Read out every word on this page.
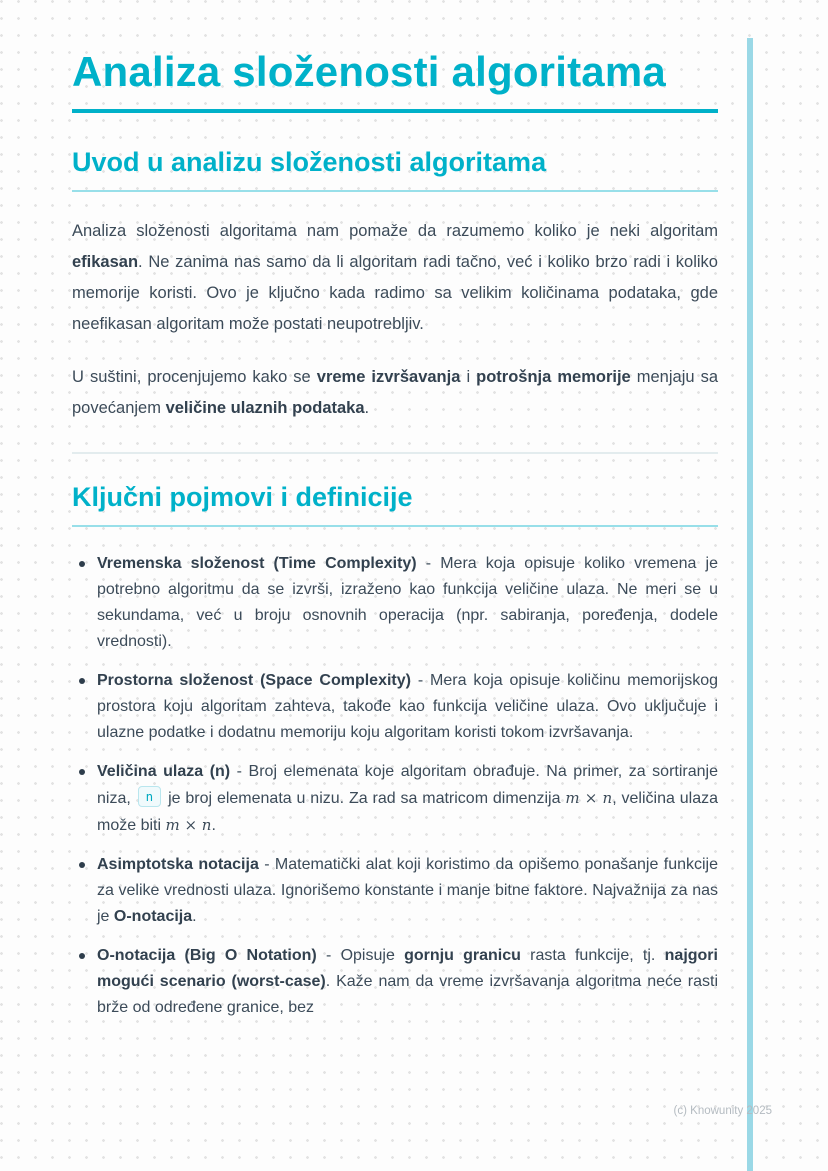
Analiza složenosti algoritama
Uvod u analizu složenosti algoritama

Analiza složenosti algoritama nam pomaže da razumemo koliko je neki algoritam efikasan. Ne zanima nas samo da li algoritam radi tačno, već i koliko brzo radi i koliko memorije koristi. Ovo je ključno kada radimo sa velikim količinama podataka, gde neefikasan algoritam može postati neupotrebljiv.

U suštini, procenjujemo kako se vreme izvršavanja i potrošnja memorije menjaju sa povećanjem veličine ulaznih podataka.

Ključni pojmovi i definicije
Vremenska složenost (Time Complexity) - Mera koja opisuje koliko vremena je potrebno algoritmu da se izvrši, izraženo kao funkcija veličine ulaza. Ne meri se u sekundama, već u broju osnovnih operacija (npr. sabiranja, poređenja, dodele vrednosti).
Prostorna složenost (Space Complexity) - Mera koja opisuje količinu memorijskog prostora koju algoritam zahteva, takođe kao funkcija veličine ulaza. Ovo uključuje i ulazne podatke i dodatnu memoriju koju algoritam koristi tokom izvršavanja.
Veličina ulaza (n) - Broj elemenata koje algoritam obrađuje. Na primer, za sortiranje niza, n je broj elemenata u nizu. Za rad sa matricom dimenzija m × n, veličina ulaza može biti m × n.
Asimptotska notacija - Matematički alat koji koristimo da opišemo ponašanje funkcije za velike vrednosti ulaza. Ignorišemo konstante i manje bitne faktore. Najvažnija za nas je O-notacija.
O-notacija (Big O Notation) - Opisuje gornju granicu rasta funkcije, tj. najgori mogući scenario (worst-case). Kaže nam da vreme izvršavanja algoritma neće rasti brže od određene granice, bez
(c) Knowunity 2025
